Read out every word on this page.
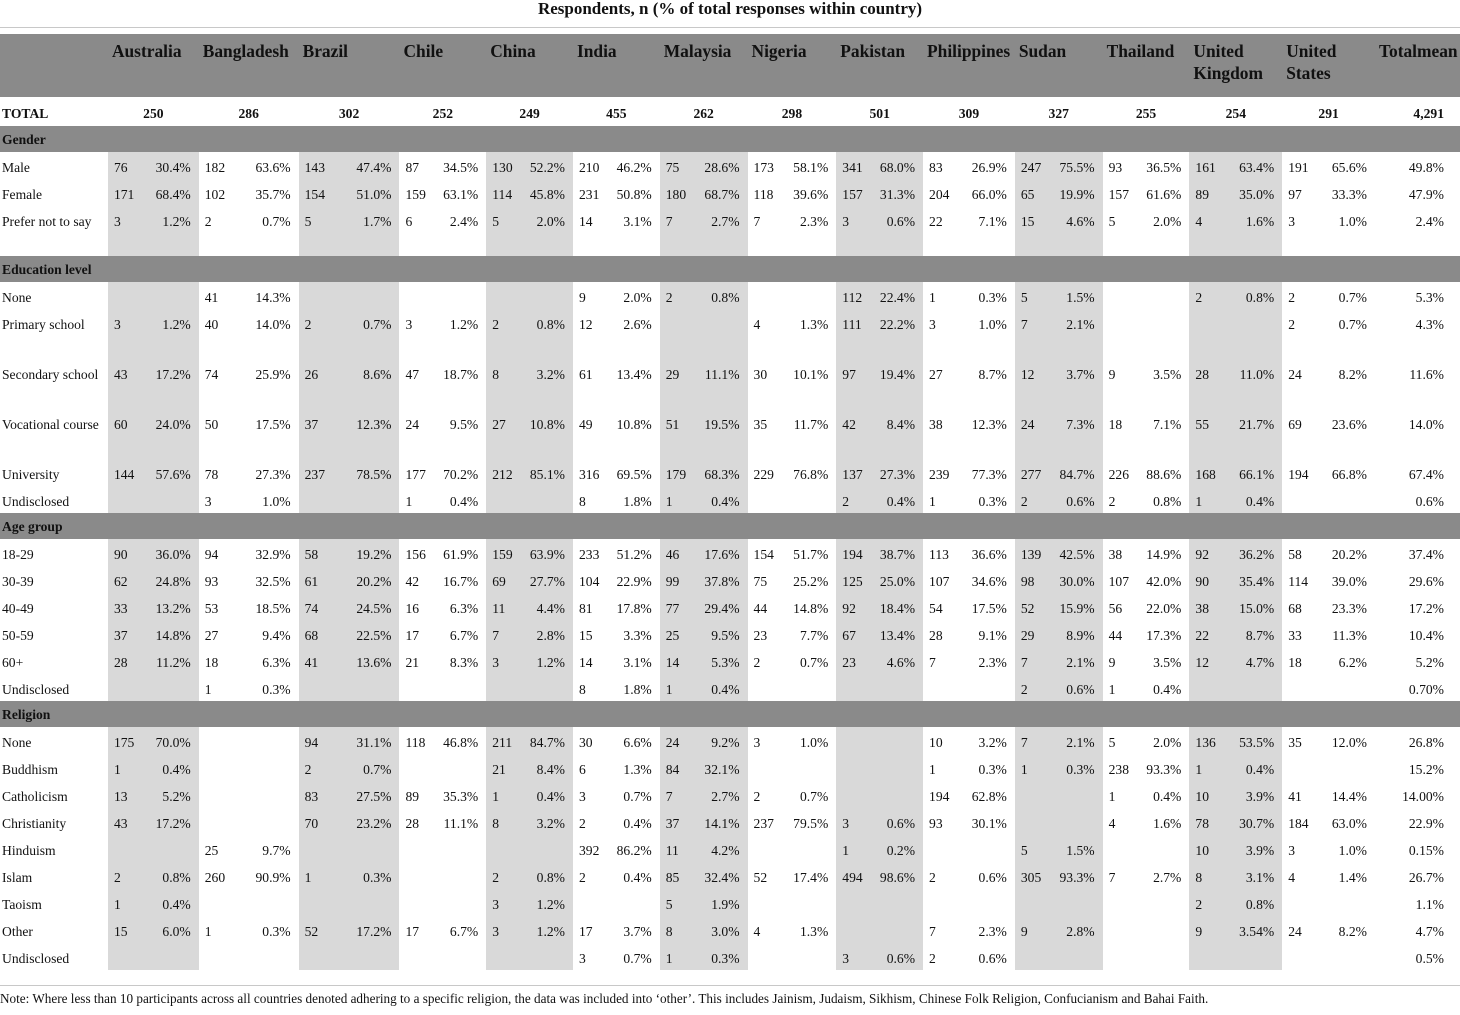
Respondents, n (% of total responses within country)
	Australia		Bangladesh		Brazil		Chile		China		India		Malaysia		Nigeria		Pakistan		Philippines		Sudan		Thailand		United Kingdom		United States		Totalmean
TOTAL	250		286		302		252		249		455		262		298		501		309		327		255		254		291		4,291
Gender																													
Male	76	30.4%	182	63.6%	143	47.4%	87	34.5%	130	52.2%	210	46.2%	75	28.6%	173	58.1%	341	68.0%	83	26.9%	247	75.5%	93	36.5%	161	63.4%	191	65.6%	49.8%
Female	171	68.4%	102	35.7%	154	51.0%	159	63.1%	114	45.8%	231	50.8%	180	68.7%	118	39.6%	157	31.3%	204	66.0%	65	19.9%	157	61.6%	89	35.0%	97	33.3%	47.9%
Prefer not to say	3	1.2%	2	0.7%	5	1.7%	6	2.4%	5	2.0%	14	3.1%	7	2.7%	7	2.3%	3	0.6%	22	7.1%	15	4.6%	5	2.0%	4	1.6%	3	1.0%	2.4%
Education level																													
None			41	14.3%							9	2.0%	2	0.8%			112	22.4%	1	0.3%	5	1.5%			2	0.8%	2	0.7%	5.3%
Primary school	3	1.2%	40	14.0%	2	0.7%	3	1.2%	2	0.8%	12	2.6%			4	1.3%	111	22.2%	3	1.0%	7	2.1%					2	0.7%	4.3%
Secondary school	43	17.2%	74	25.9%	26	8.6%	47	18.7%	8	3.2%	61	13.4%	29	11.1%	30	10.1%	97	19.4%	27	8.7%	12	3.7%	9	3.5%	28	11.0%	24	8.2%	11.6%
Vocational course	60	24.0%	50	17.5%	37	12.3%	24	9.5%	27	10.8%	49	10.8%	51	19.5%	35	11.7%	42	8.4%	38	12.3%	24	7.3%	18	7.1%	55	21.7%	69	23.6%	14.0%
University	144	57.6%	78	27.3%	237	78.5%	177	70.2%	212	85.1%	316	69.5%	179	68.3%	229	76.8%	137	27.3%	239	77.3%	277	84.7%	226	88.6%	168	66.1%	194	66.8%	67.4%
Undisclosed			3	1.0%			1	0.4%			8	1.8%	1	0.4%			2	0.4%	1	0.3%	2	0.6%	2	0.8%	1	0.4%			0.6%
Age group																													
18-29	90	36.0%	94	32.9%	58	19.2%	156	61.9%	159	63.9%	233	51.2%	46	17.6%	154	51.7%	194	38.7%	113	36.6%	139	42.5%	38	14.9%	92	36.2%	58	20.2%	37.4%
30-39	62	24.8%	93	32.5%	61	20.2%	42	16.7%	69	27.7%	104	22.9%	99	37.8%	75	25.2%	125	25.0%	107	34.6%	98	30.0%	107	42.0%	90	35.4%	114	39.0%	29.6%
40-49	33	13.2%	53	18.5%	74	24.5%	16	6.3%	11	4.4%	81	17.8%	77	29.4%	44	14.8%	92	18.4%	54	17.5%	52	15.9%	56	22.0%	38	15.0%	68	23.3%	17.2%
50-59	37	14.8%	27	9.4%	68	22.5%	17	6.7%	7	2.8%	15	3.3%	25	9.5%	23	7.7%	67	13.4%	28	9.1%	29	8.9%	44	17.3%	22	8.7%	33	11.3%	10.4%
60+	28	11.2%	18	6.3%	41	13.6%	21	8.3%	3	1.2%	14	3.1%	14	5.3%	2	0.7%	23	4.6%	7	2.3%	7	2.1%	9	3.5%	12	4.7%	18	6.2%	5.2%
Undisclosed			1	0.3%							8	1.8%	1	0.4%							2	0.6%	1	0.4%					0.70%
Religion																													
None	175	70.0%			94	31.1%	118	46.8%	211	84.7%	30	6.6%	24	9.2%	3	1.0%			10	3.2%	7	2.1%	5	2.0%	136	53.5%	35	12.0%	26.8%
Buddhism	1	0.4%			2	0.7%			21	8.4%	6	1.3%	84	32.1%					1	0.3%	1	0.3%	238	93.3%	1	0.4%			15.2%
Catholicism	13	5.2%			83	27.5%	89	35.3%	1	0.4%	3	0.7%	7	2.7%	2	0.7%			194	62.8%			1	0.4%	10	3.9%	41	14.4%	14.00%
Christianity	43	17.2%			70	23.2%	28	11.1%	8	3.2%	2	0.4%	37	14.1%	237	79.5%	3	0.6%	93	30.1%			4	1.6%	78	30.7%	184	63.0%	22.9%
Hinduism			25	9.7%							392	86.2%	11	4.2%			1	0.2%			5	1.5%			10	3.9%	3	1.0%	0.15%
Islam	2	0.8%	260	90.9%	1	0.3%			2	0.8%	2	0.4%	85	32.4%	52	17.4%	494	98.6%	2	0.6%	305	93.3%	7	2.7%	8	3.1%	4	1.4%	26.7%
Taoism	1	0.4%							3	1.2%			5	1.9%											2	0.8%			1.1%
Other	15	6.0%	1	0.3%	52	17.2%	17	6.7%	3	1.2%	17	3.7%	8	3.0%	4	1.3%			7	2.3%	9	2.8%			9	3.54%	24	8.2%	4.7%
Undisclosed											3	0.7%	1	0.3%			3	0.6%	2	0.6%									0.5%
Note: Where less than 10 participants across all countries denoted adhering to a specific religion, the data was included into ‘other’. This includes Jainism, Judaism, Sikhism, Chinese Folk Religion, Confucianism and Bahai Faith.
